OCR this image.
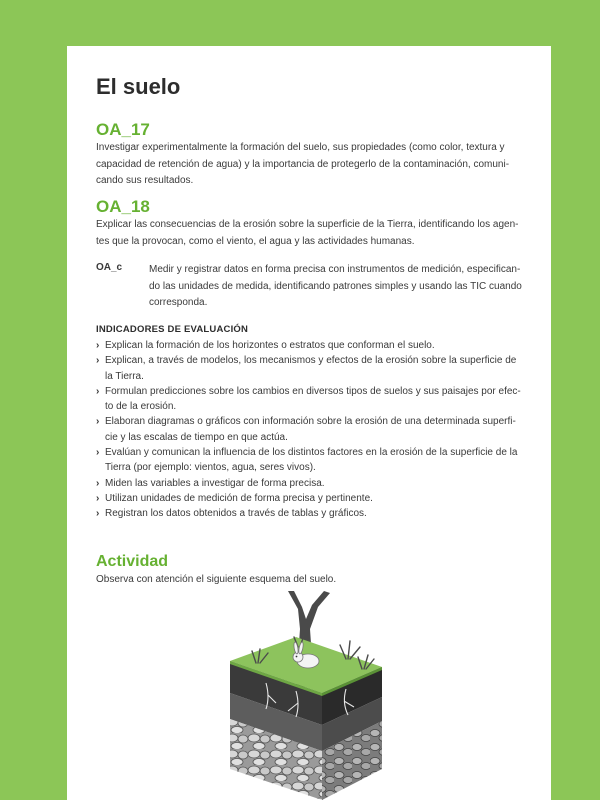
El suelo
OA_17

Investigar experimentalmente la formación del suelo, sus propiedades (como color, textura y
capacidad de retención de agua) y la importancia de protegerlo de la contaminación, comuni-
cando sus resultados.

OA_18

Explicar las consecuencias de la erosión sobre la superficie de la Tierra, identificando los agen-
tes que la provocan, como el viento, el agua y las actividades humanas.

OA_c	Medir y registrar datos en forma precisa con instrumentos de medición, especifican-
do las unidades de medida, identificando patrones simples y usando las TIC cuando
corresponda.

INDICADORES DE EVALUACIÓN
› Explican la formación de los horizontes o estratos que conforman el suelo.
› Explican, a través de modelos, los mecanismos y efectos de la erosión sobre la superficie de
la Tierra.
› Formulan predicciones sobre los cambios en diversos tipos de suelos y sus paisajes por efec-
to de la erosión.
› Elaboran diagramas o gráficos con información sobre la erosión de una determinada superfi-
cie y las escalas de tiempo en que actúa.
› Evalúan y comunican la influencia de los distintos factores en la erosión de la superficie de la
Tierra (por ejemplo: vientos, agua, seres vivos).
› Miden las variables a investigar de forma precisa.
› Utilizan unidades de medición de forma precisa y pertinente.
› Registran los datos obtenidos a través de tablas y gráficos.
Actividad

Observa con atención el siguiente esquema del suelo.
